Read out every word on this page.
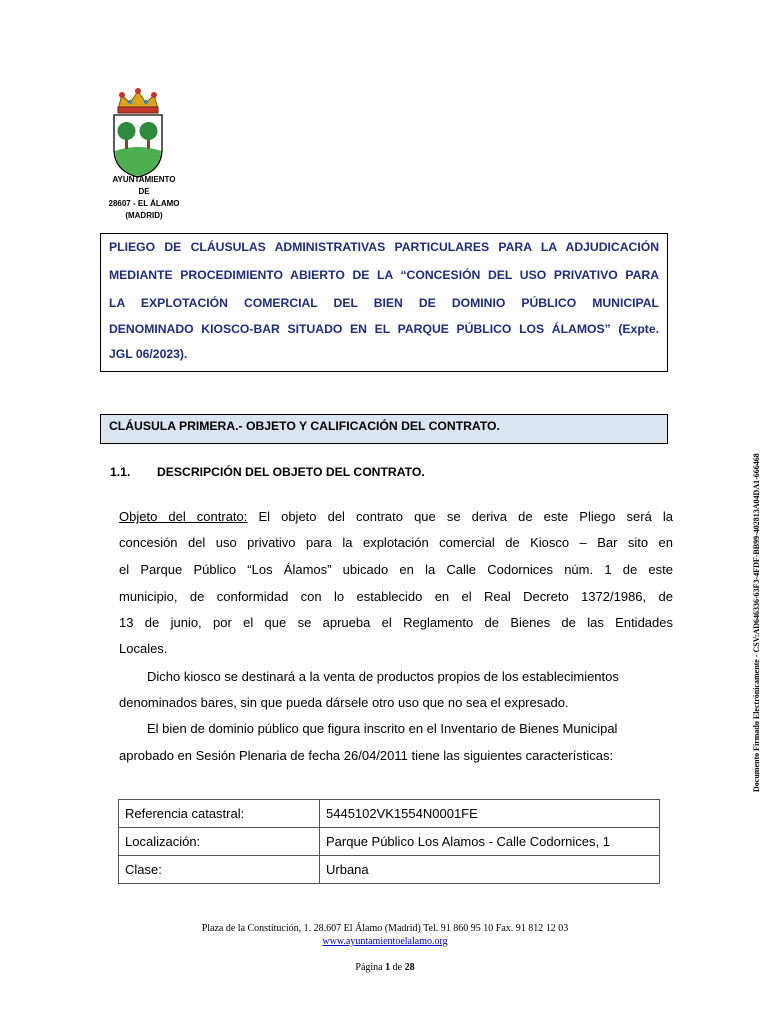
AYUNTAMIENTO
DE
28607 - EL ÁLAMO
(MADRID)
PLIEGO DE CLÁUSULAS ADMINISTRATIVAS PARTICULARES PARA LA ADJUDICACIÓN
MEDIANTE PROCEDIMIENTO ABIERTO DE LA “CONCESIÓN DEL USO PRIVATIVO PARA
LA EXPLOTACIÓN COMERCIAL DEL BIEN DE DOMINIO PÚBLICO MUNICIPAL
DENOMINADO KIOSCO-BAR SITUADO EN EL PARQUE PÚBLICO LOS ÁLAMOS” (Expte.
JGL 06/2023).
CLÁUSULA PRIMERA.- OBJETO Y CALIFICACIÓN DEL CONTRATO.
1.1. DESCRIPCIÓN DEL OBJETO DEL CONTRATO.
Objeto del contrato: El objeto del contrato que se deriva de este Pliego será la
concesión del uso privativo para la explotación comercial de Kiosco – Bar sito en
el Parque Público “Los Álamos” ubicado en la Calle Codornices núm. 1 de este
municipio, de conformidad con lo establecido en el Real Decreto 1372/1986, de
13 de junio, por el que se aprueba el Reglamento de Bienes de las Entidades
Locales.
Dicho kiosco se destinará a la venta de productos propios de los establecimientos
denominados bares, sin que pueda dársele otro uso que no sea el expresado.
El bien de dominio público que figura inscrito en el Inventario de Bienes Municipal
aprobado en Sesión Plenaria de fecha 26/04/2011 tiene las siguientes características:
Referencia catastral:	5445102VK1554N0001FE
Localización:	Parque Público Los Alamos - Calle Codornices, 1
Clase:	Urbana
Documento Firmado Electrónicamente - CSV:AD646336-63F3-4FDF-BB99-402813A04DA1-666468
Plaza de la Constitución, 1. 28.607 El Álamo (Madrid) Tel. 91 860 95 10 Fax. 91 812 12 03
www.ayuntamientoelalamo.org
Página 1 de 28
